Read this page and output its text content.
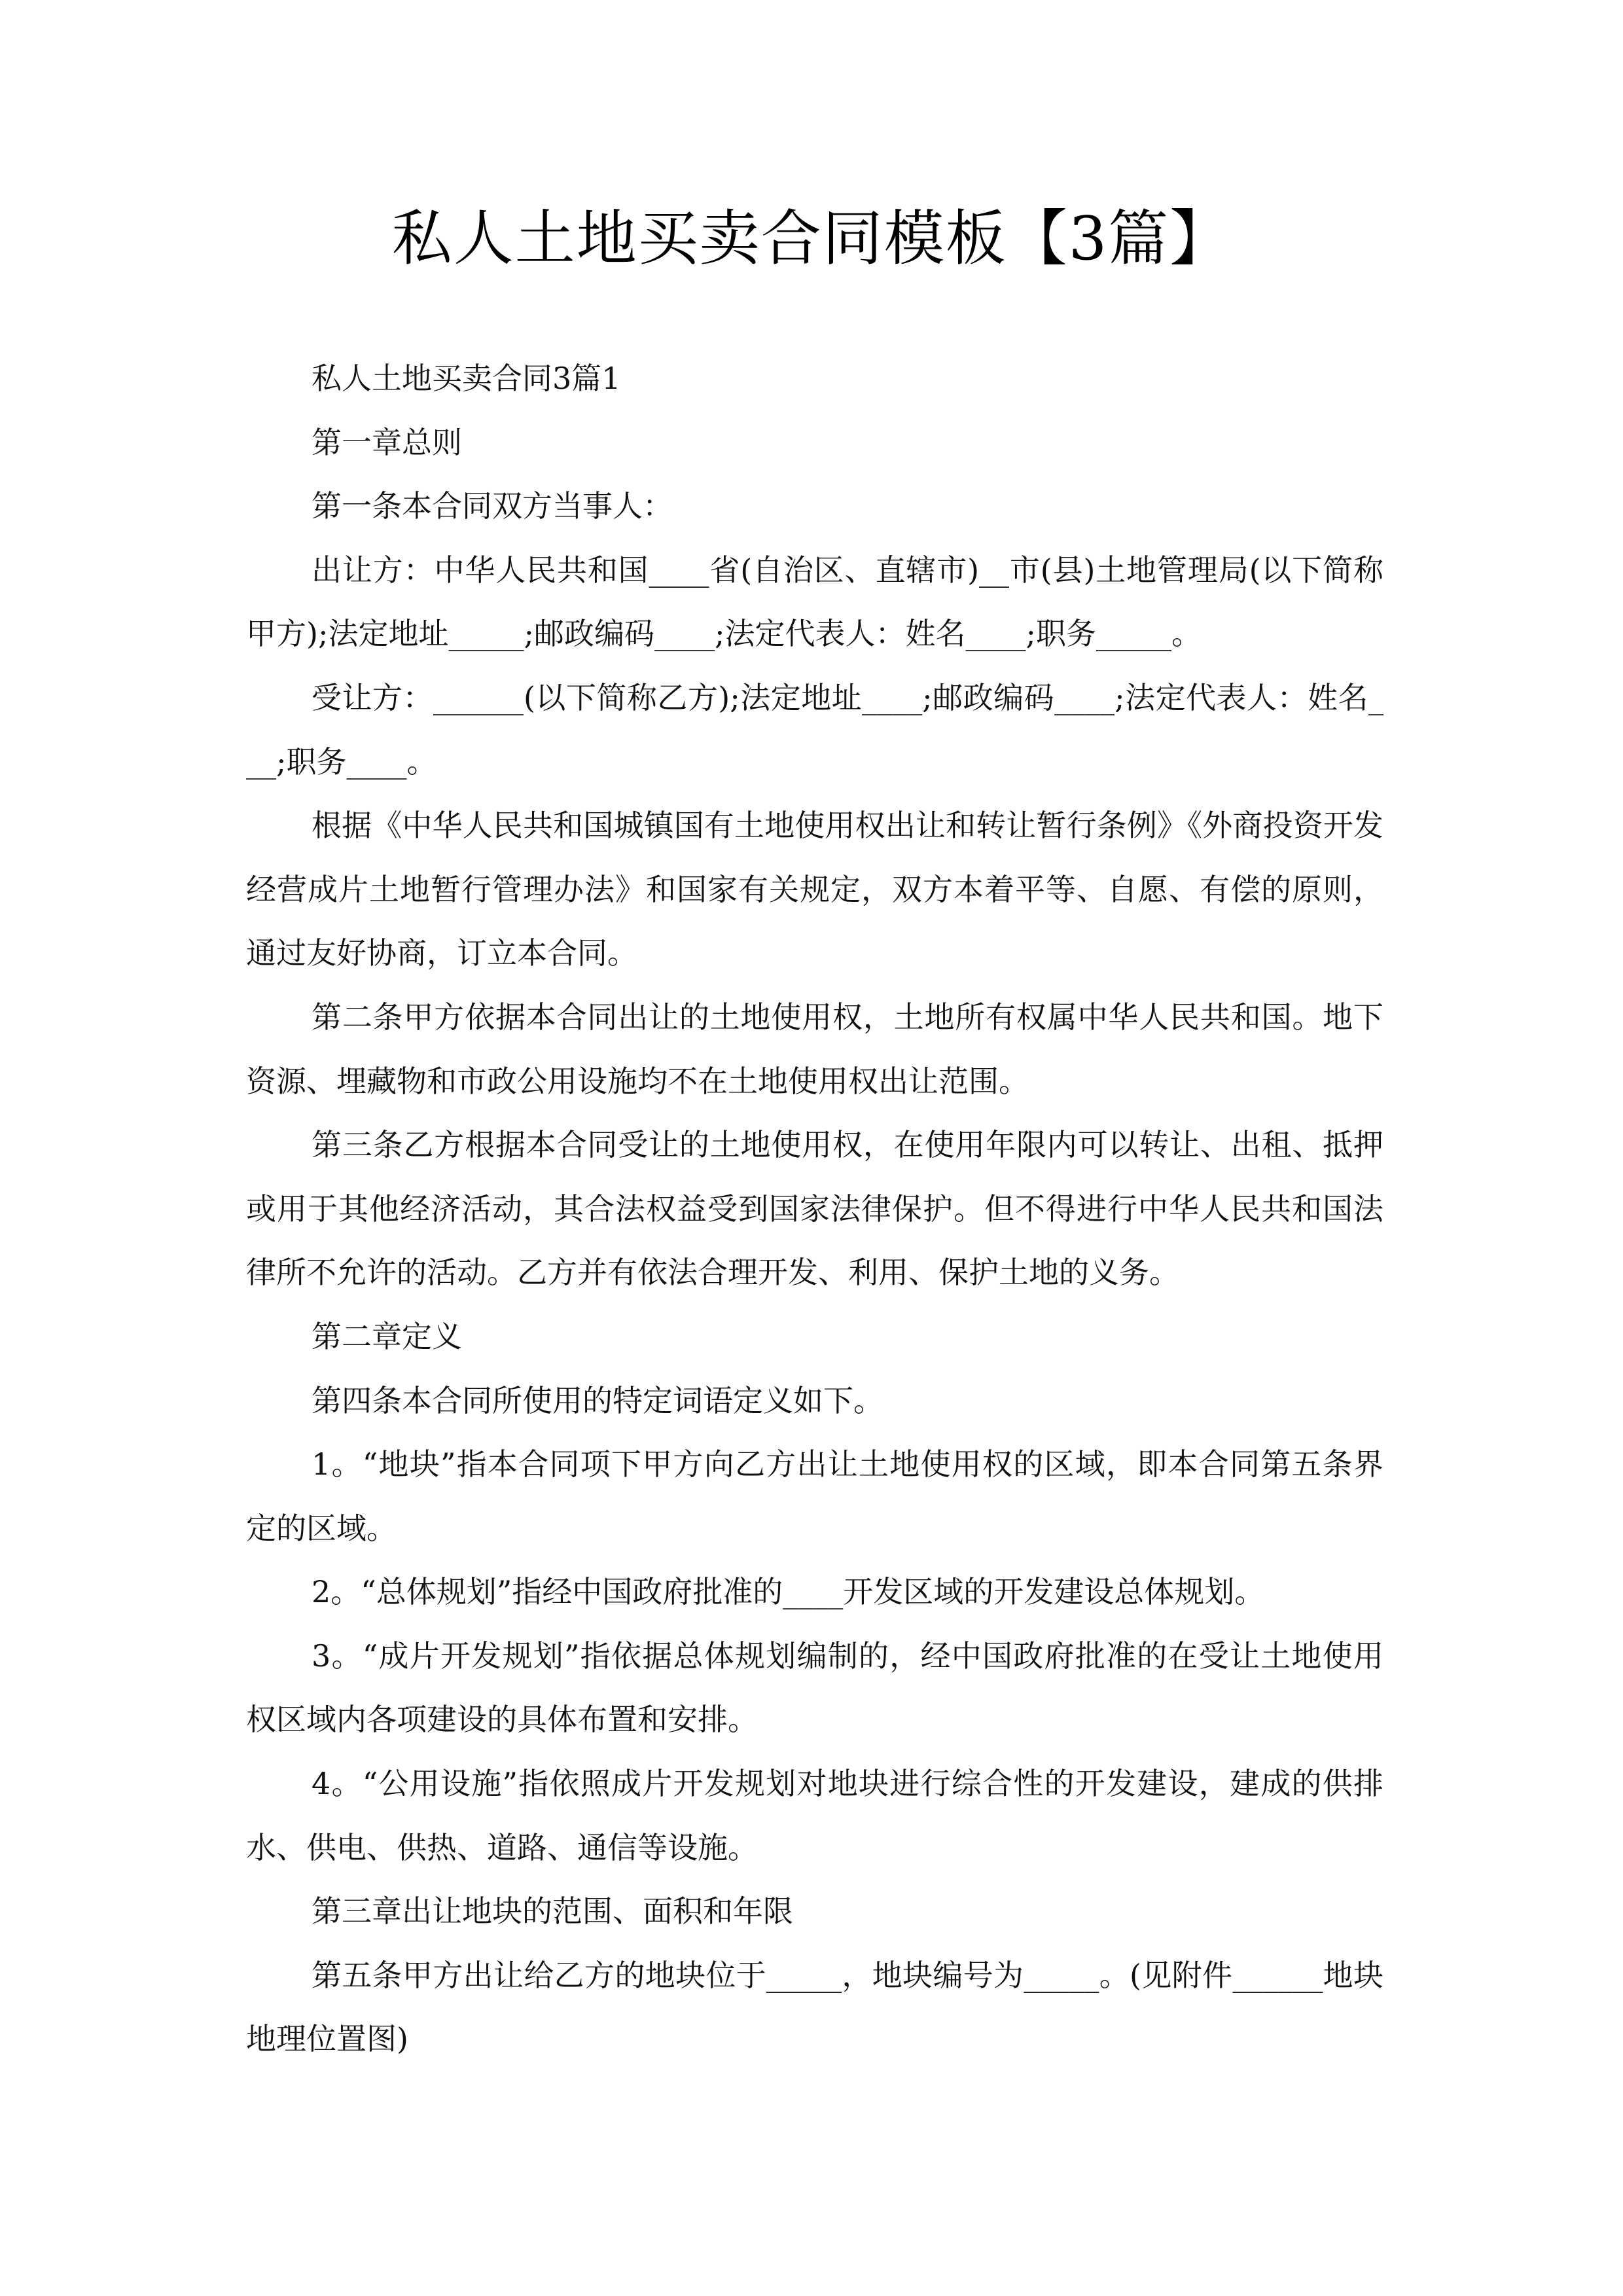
私人土地买卖合同模板【3篇】

私人土地买卖合同3篇1

第一章总则

第一条本合同双方当事人：

出让方：中华人民共和国____省(自治区、直辖市)__市(县)土地管理局(以下简称甲方);法定地址_____;邮政编码____;法定代表人：姓名____;职务_____。

受让方：______(以下简称乙方);法定地址____;邮政编码____;法定代表人：姓名___;职务____。

根据《中华人民共和国城镇国有土地使用权出让和转让暂行条例》《外商投资开发经营成片土地暂行管理办法》和国家有关规定，双方本着平等、自愿、有偿的原则，通过友好协商，订立本合同。

第二条甲方依据本合同出让的土地使用权，土地所有权属中华人民共和国。地下资源、埋藏物和市政公用设施均不在土地使用权出让范围。

第三条乙方根据本合同受让的土地使用权，在使用年限内可以转让、出租、抵押或用于其他经济活动，其合法权益受到国家法律保护。但不得进行中华人民共和国法律所不允许的活动。乙方并有依法合理开发、利用、保护土地的义务。

第二章定义

第四条本合同所使用的特定词语定义如下。

1。“地块”指本合同项下甲方向乙方出让土地使用权的区域，即本合同第五条界定的区域。

2。“总体规划”指经中国政府批准的____开发区域的开发建设总体规划。

3。“成片开发规划”指依据总体规划编制的，经中国政府批准的在受让土地使用权区域内各项建设的具体布置和安排。

4。“公用设施”指依照成片开发规划对地块进行综合性的开发建设，建成的供排水、供电、供热、道路、通信等设施。

第三章出让地块的范围、面积和年限

第五条甲方出让给乙方的地块位于_____，地块编号为_____。(见附件______地块地理位置图)
